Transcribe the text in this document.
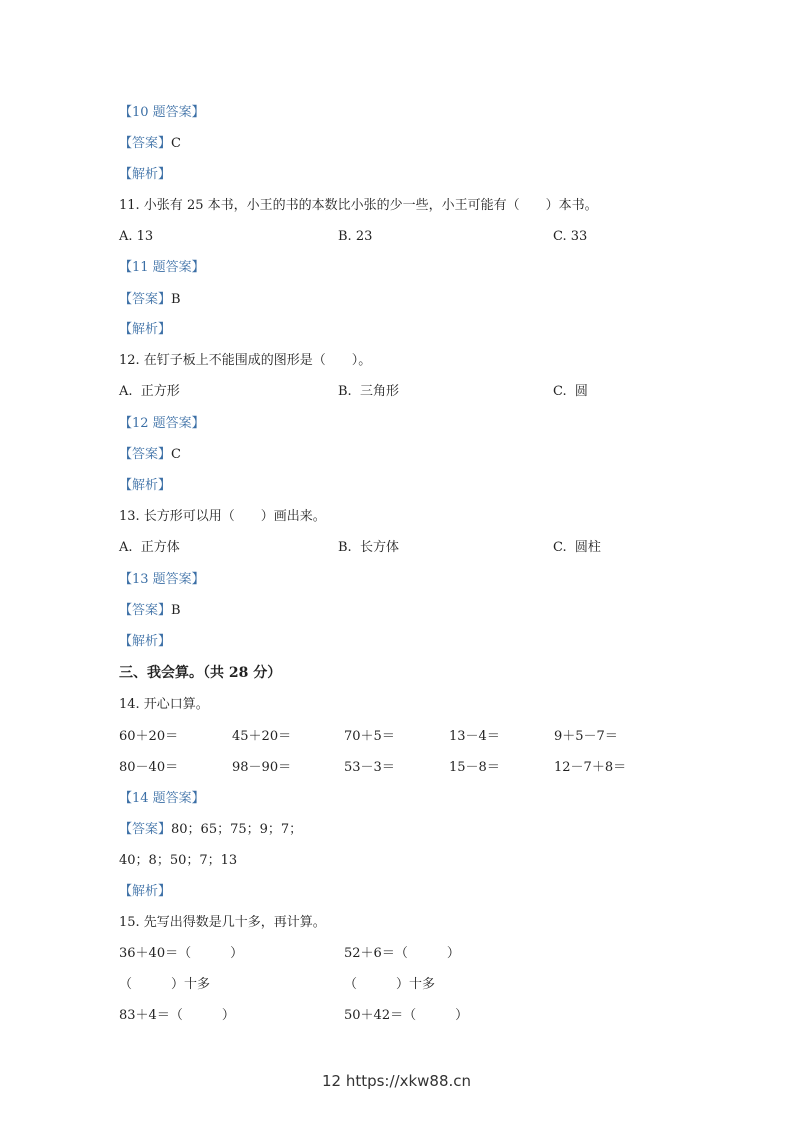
【10 题答案】
【答案】C
【解析】
11. 小张有 25 本书，小王的书的本数比小张的少一些，小王可能有（　　）本书。
A. 13	B. 23	C. 33
【11 题答案】
【答案】B
【解析】
12. 在钉子板上不能围成的图形是（　　）。
A.  正方形	B.  三角形	C.  圆
【12 题答案】
【答案】C
【解析】
13. 长方形可以用（　　）画出来。
A.  正方体	B.  长方体	C.  圆柱
【13 题答案】
【答案】B
【解析】
三、我会算。（共 28 分）
14. 开心口算。
60＋20＝	45＋20＝	70＋5＝	13－4＝	9＋5－7＝
80－40＝	98－90＝	53－3＝	15－8＝	12－7＋8＝
【14 题答案】
【答案】80；65；75；9；7；
40；8；50；7；13
【解析】
15. 先写出得数是几十多，再计算。
36＋40＝（　　　）	52＋6＝（　　　）
（　　　）十多	（　　　）十多
83＋4＝（　　　）	50＋42＝（　　　）
12 https://xkw88.cn
